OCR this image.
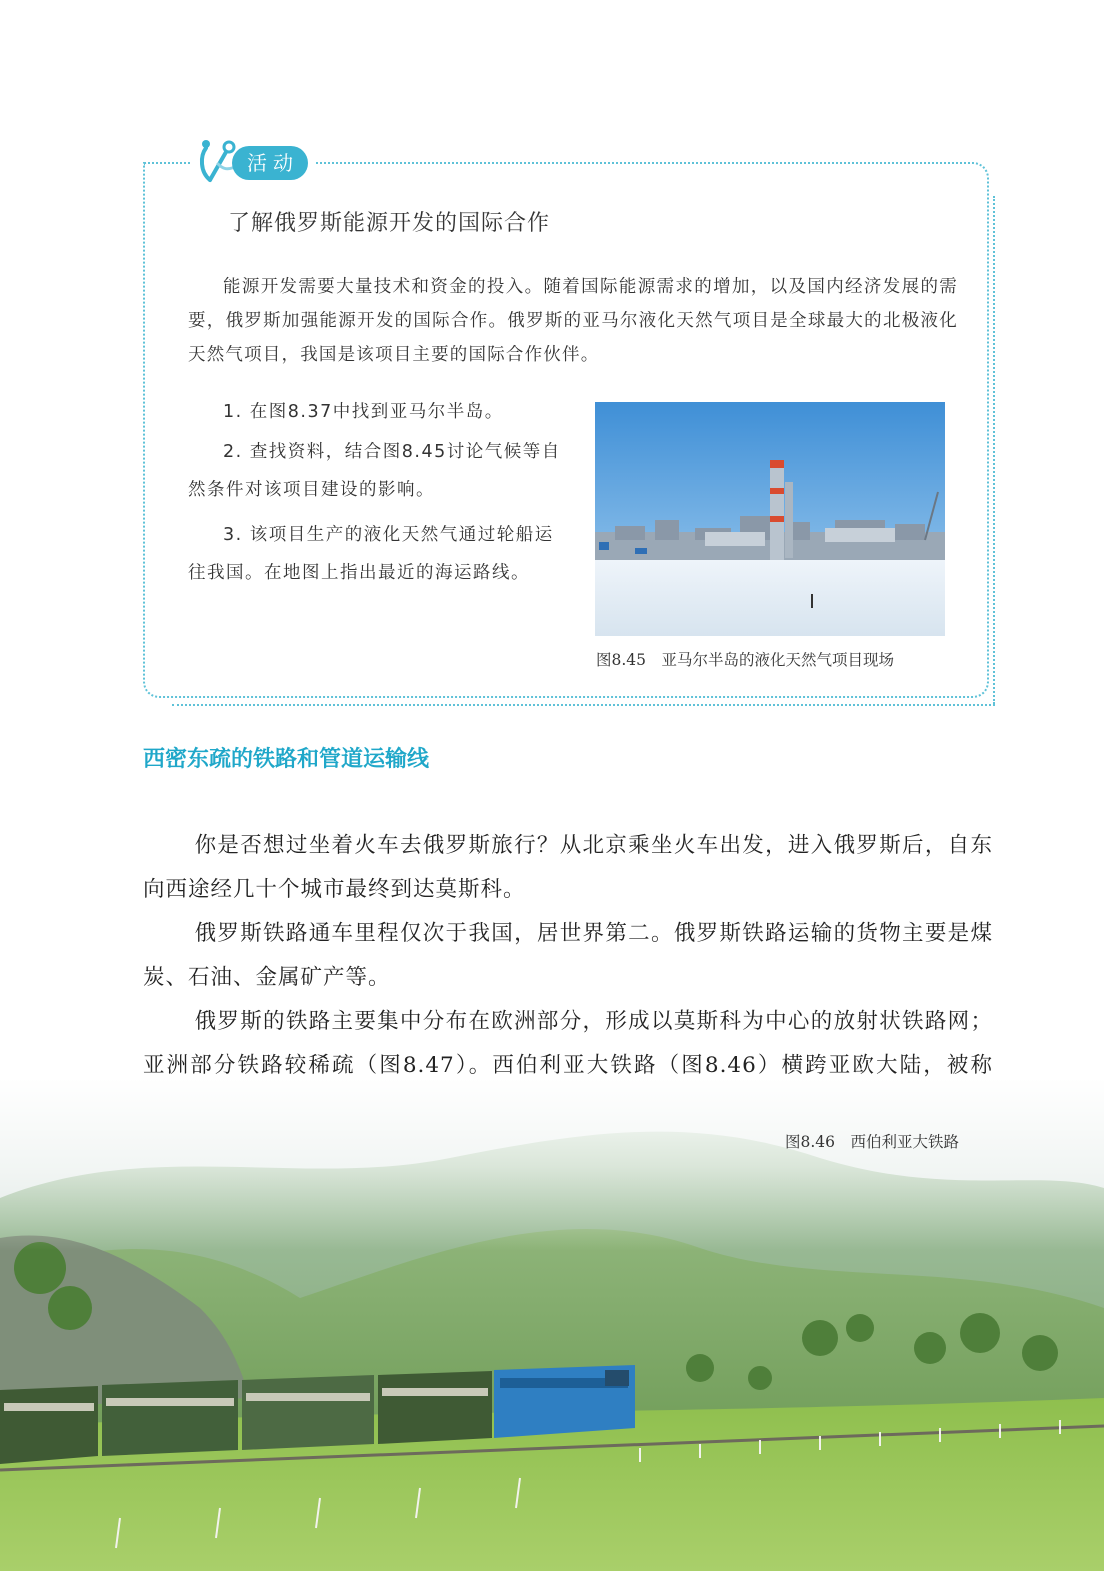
活动
了解俄罗斯能源开发的国际合作

能源开发需要大量技术和资金的投入。随着国际能源需求的增加，以及国内经济发展的需要，俄罗斯加强能源开发的国际合作。俄罗斯的亚马尔液化天然气项目是全球最大的北极液化天然气项目，我国是该项目主要的国际合作伙伴。

1. 在图8.37中找到亚马尔半岛。

2. 查找资料，结合图8.45讨论气候等自然条件对该项目建设的影响。

3. 该项目生产的液化天然气通过轮船运往我国。在地图上指出最近的海运路线。

图8.45　亚马尔半岛的液化天然气项目现场
西密东疏的铁路和管道运输线

你是否想过坐着火车去俄罗斯旅行？从北京乘坐火车出发，进入俄罗斯后，自东向西途经几十个城市最终到达莫斯科。

俄罗斯铁路通车里程仅次于我国，居世界第二。俄罗斯铁路运输的货物主要是煤炭、石油、金属矿产等。

俄罗斯的铁路主要集中分布在欧洲部分，形成以莫斯科为中心的放射状铁路网；亚洲部分铁路较稀疏（图8.47）。西伯利亚大铁路（图8.46）横跨亚欧大陆，被称

图8.46　西伯利亚大铁路
